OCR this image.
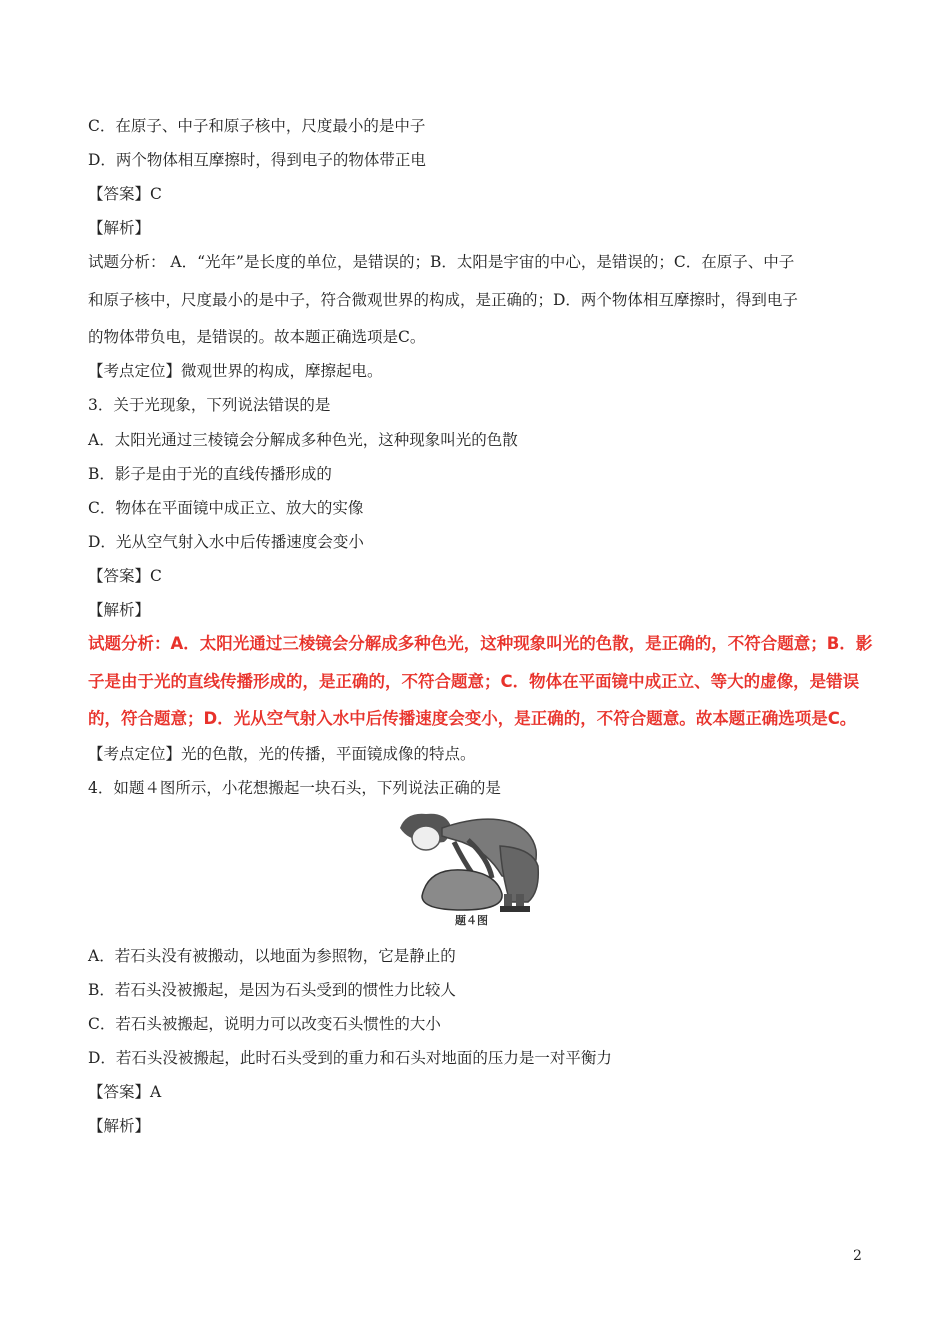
C．在原子、中子和原子核中，尺度最小的是中子
D．两个物体相互摩擦时，得到电子的物体带正电
【答案】C
【解析】
试题分析： A．“光年”是长度的单位，是错误的；B．太阳是宇宙的中心，是错误的；C．在原子、中子
和原子核中，尺度最小的是中子，符合微观世界的构成，是正确的；D．两个物体相互摩擦时，得到电子
的物体带负电，是错误的。故本题正确选项是C。
【考点定位】微观世界的构成，摩擦起电。
3．关于光现象，下列说法错误的是
A．太阳光通过三棱镜会分解成多种色光，这种现象叫光的色散
B．影子是由于光的直线传播形成的
C．物体在平面镜中成正立、放大的实像
D．光从空气射入水中后传播速度会变小
【答案】C
【解析】
试题分析：A．太阳光通过三棱镜会分解成多种色光，这种现象叫光的色散，是正确的，不符合题意；B．影
子是由于光的直线传播形成的，是正确的，不符合题意；C．物体在平面镜中成正立、等大的虚像，是错误
的，符合题意；D．光从空气射入水中后传播速度会变小，是正确的，不符合题意。故本题正确选项是C。
【考点定位】光的色散，光的传播，平面镜成像的特点。
4．如题４图所示，小花想搬起一块石头，下列说法正确的是
题４图
A．若石头没有被搬动，以地面为参照物，它是静止的
B．若石头没被搬起，是因为石头受到的惯性力比较人
C．若石头被搬起，说明力可以改变石头惯性的大小
D．若石头没被搬起，此时石头受到的重力和石头对地面的压力是一对平衡力
【答案】A
【解析】
2
